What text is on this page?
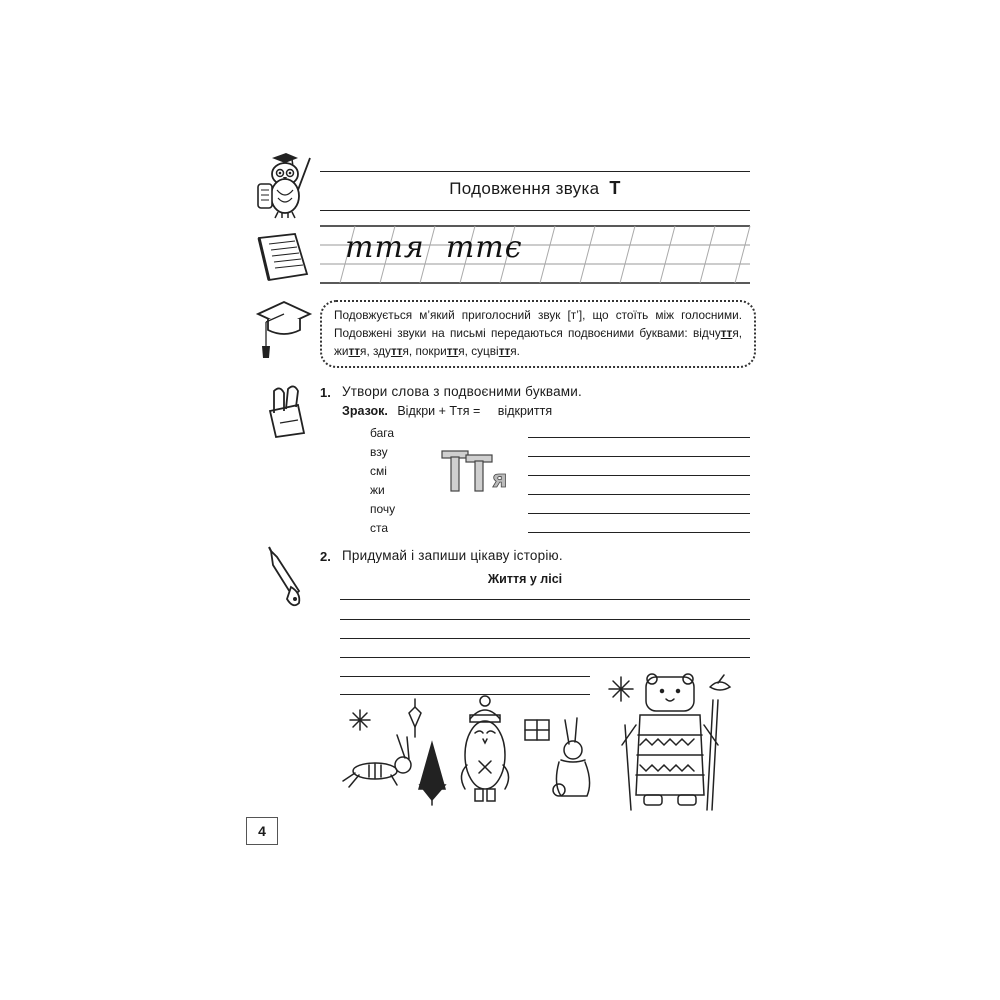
Подовження звука Т
ття  ттє
Подовжується м’який приголосний звук [т’], що стоїть між голосними. Подовжені звуки на письмі передаються подвоєними буквами: відчуття, життя, здуття, покриття, суцвіття.
1. Утвори слова з подвоєними буквами.
Зразок. Відкри + Ття = відкриття
бага
взу
смі
жи
почу
ста
я
2. Придумай і запиши цікаву історію.
Життя у лісі
4
